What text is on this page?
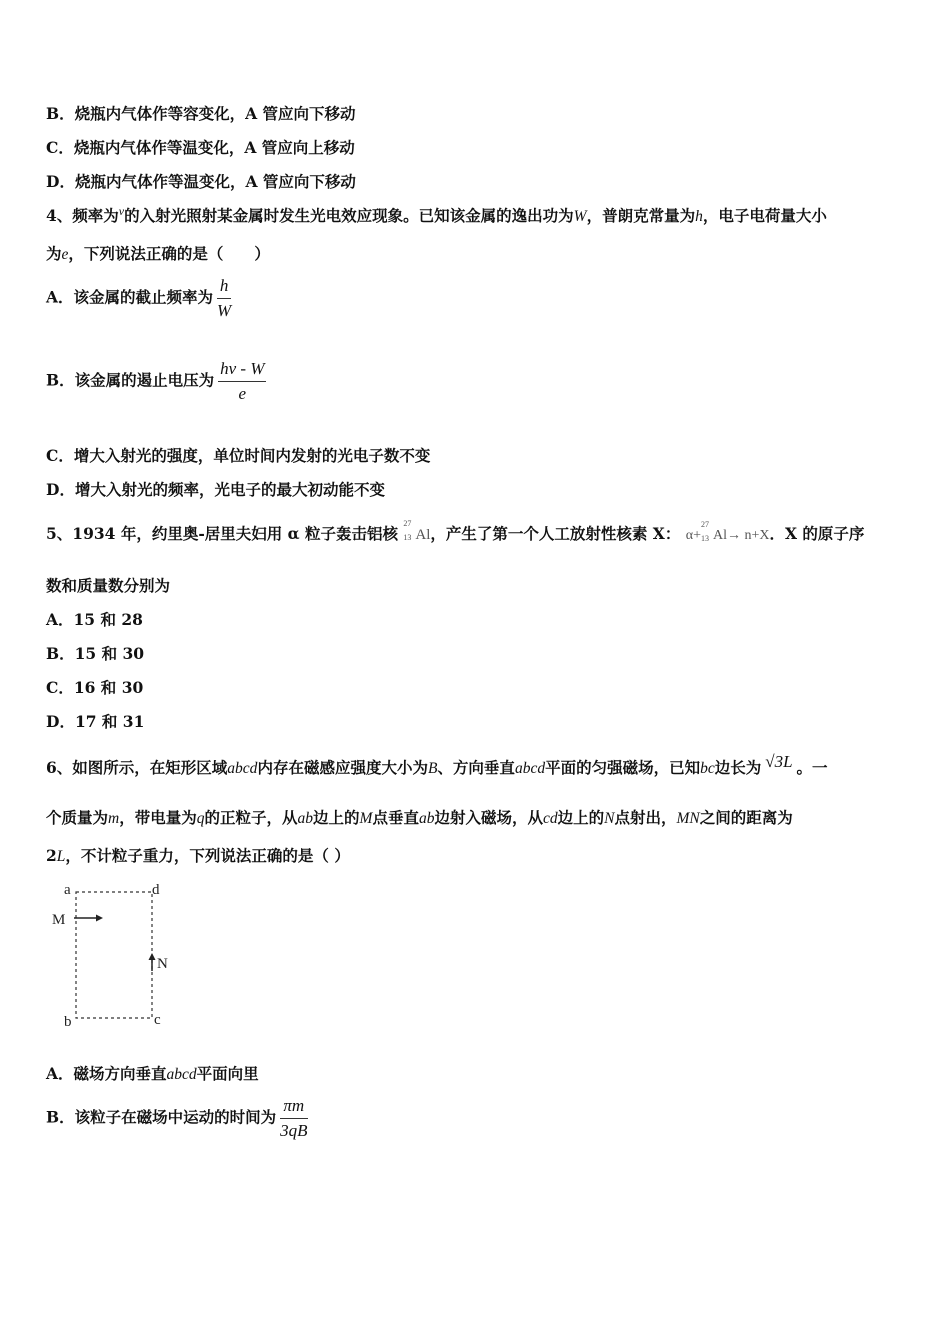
B．烧瓶内气体作等容变化，A 管应向下移动
C．烧瓶内气体作等温变化，A 管应向上移动
D．烧瓶内气体作等温变化，A 管应向下移动
4、频率为$^\nu$的入射光照射某金属时发生光电效应现象。已知该金属的逸出功为W，普朗克常量为h，电子电荷量大小
为e，下列说法正确的是（　　）
A．该金属的截止频率为 $\frac{h}{W}$
B．该金属的遏止电压为 $\frac{h\nu - W}{e}$
C．增大入射光的强度，单位时间内发射的光电子数不变
D．增大入射光的频率，光电子的最大初动能不变
5、1934 年，约里奥-居里夫妇用 α 粒子轰击铝核
27
13 Al，产生了第一个人工放射性核素 X： α+
27
13 Al→ n+X．X 的原子序
数和质量数分别为
A．15 和 28
B．15 和 30
C．16 和 30
D．17 和 31
6、如图所示，在矩形区域abcd内存在磁感应强度大小为B、方向垂直abcd平面的匀强磁场，已知bc边长为 √3L 。一
个质量为m，带电量为q的正粒子，从ab边上的M点垂直ab边射入磁场，从cd边上的N点射出，MN之间的距离为
2L，不计粒子重力，下列说法正确的是（ ）
a	d
b	c
M
N
A．磁场方向垂直abcd平面向里
B．该粒子在磁场中运动的时间为 $\frac{\pi m}{3qB}$
